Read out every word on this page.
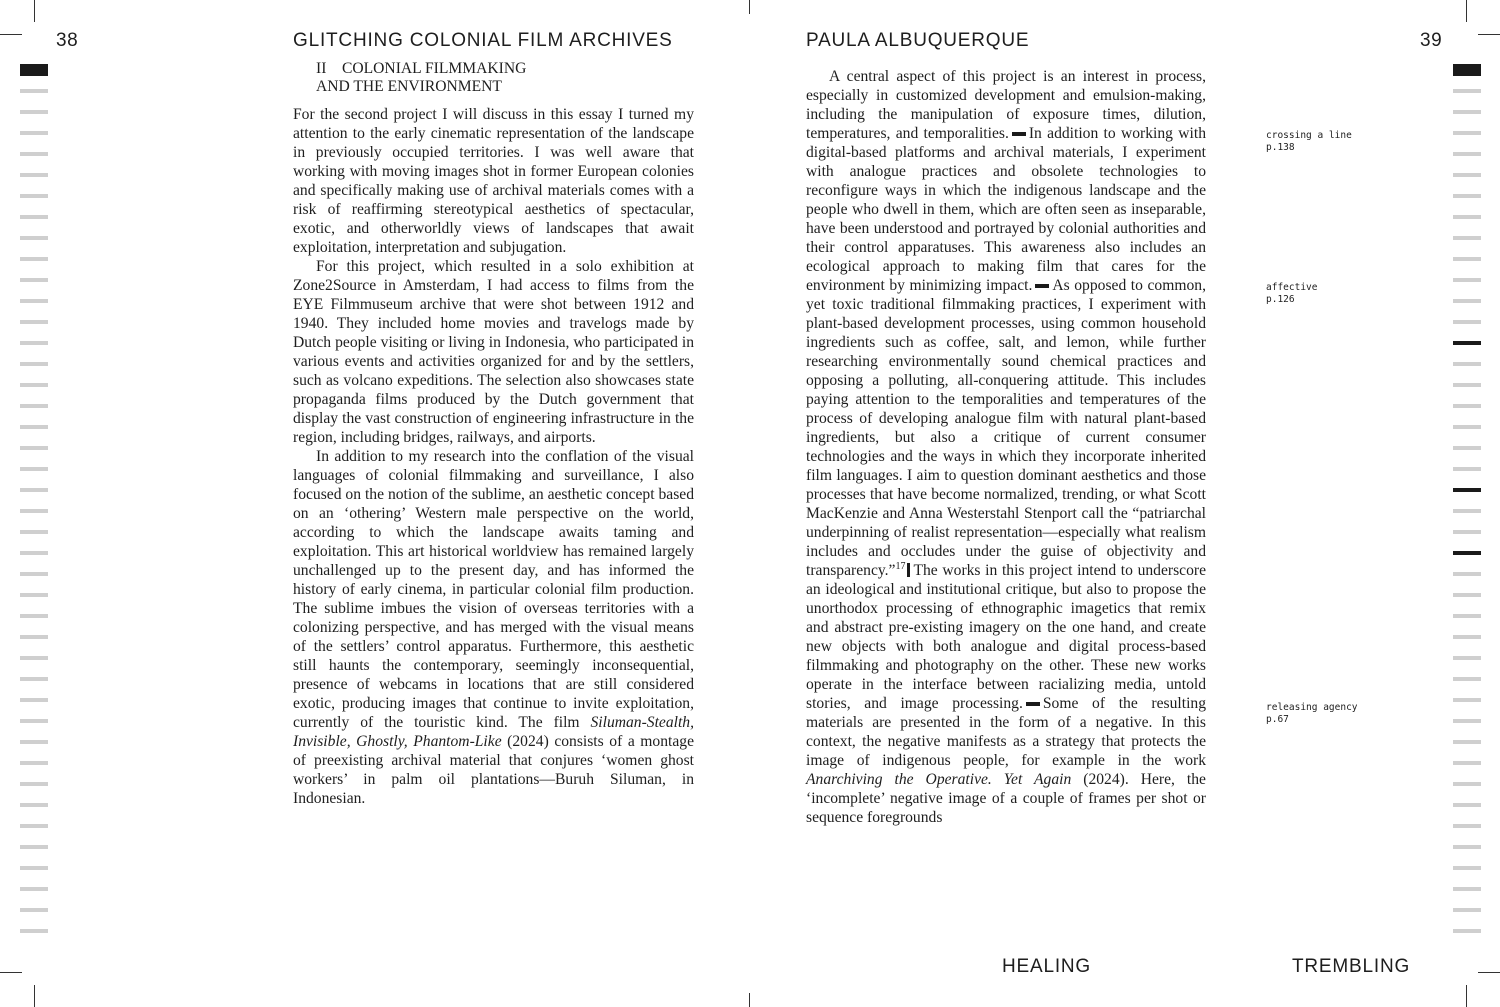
38	GLITCHING COLONIAL FILM ARCHIVES	PAULA ALBUQUERQUE	39
II COLONIAL FILMMAKING
AND THE ENVIRONMENT

For the second project I will discuss in this essay I turned my attention to the early cinematic representation of the landscape in previously occupied territories. I was well aware that working with moving images shot in former European colonies and specifically making use of archival materials comes with a risk of reaffirming stereotypical aesthetics of spectacular, exotic, and otherworldly views of landscapes that await exploitation, interpretation and subjugation.

For this project, which resulted in a solo exhibition at Zone2Source in Amsterdam, I had access to films from the EYE Filmmuseum archive that were shot between 1912 and 1940. They included home movies and travelogs made by Dutch people visiting or living in Indonesia, who participated in various events and activities organized for and by the settlers, such as volcano expeditions. The selection also showcases state propaganda films produced by the Dutch government that display the vast construction of engineering infrastructure in the region, including bridges, railways, and airports.

In addition to my research into the conflation of the visual languages of colonial filmmaking and surveillance, I also focused on the notion of the sublime, an aesthetic concept based on an ‘othering’ Western male perspective on the world, according to which the landscape awaits taming and exploitation. This art historical worldview has remained largely unchallenged up to the present day, and has informed the history of early cinema, in particular colonial film production. The sublime imbues the vision of overseas territories with a colonizing perspective, and has merged with the visual means of the settlers’ control apparatus. Furthermore, this aesthetic still haunts the contemporary, seemingly inconsequential, presence of webcams in locations that are still considered exotic, producing images that continue to invite exploitation, currently of the touristic kind. The film Siluman-Stealth, Invisible, Ghostly, Phantom-Like (2024) consists of a montage of preexisting archival material that conjures ‘women ghost workers’ in palm oil plantations—Buruh Siluman, in Indonesian.

A central aspect of this project is an interest in process, especially in customized development and emulsion-making, including the manipulation of exposure times, dilution, temperatures, and temporalities. In addition to working with digital-based platforms and archival materials, I experiment with analogue practices and obsolete technologies to reconfigure ways in which the indigenous landscape and the people who dwell in them, which are often seen as inseparable, have been understood and portrayed by colonial authorities and their control apparatuses. This awareness also includes an ecological approach to making film that cares for the environment by minimizing impact. As opposed to common, yet toxic traditional filmmaking practices, I experiment with plant-based development processes, using common household ingredients such as coffee, salt, and lemon, while further researching environmentally sound chemical practices and opposing a polluting, all-conquering attitude. This includes paying attention to the temporalities and temperatures of the process of developing analogue film with natural plant-based ingredients, but also a critique of current consumer technologies and the ways in which they incorporate inherited film languages. I aim to question dominant aesthetics and those processes that have become normalized, trending, or what Scott MacKenzie and Anna Westerstahl Stenport call the “patriarchal underpinning of realist representation—especially what realism includes and occludes under the guise of objectivity and transparency.”$^{17}$ The works in this project intend to underscore an ideological and institutional critique, but also to propose the unorthodox processing of ethnographic imagetics that remix and abstract pre-existing imagery on the one hand, and create new objects with both analogue and digital process-based filmmaking and photography on the other. These new works operate in the interface between racializing media, untold stories, and image processing. Some of the resulting materials are presented in the form of a negative. In this context, the negative manifests as a strategy that protects the image of indigenous people, for example in the work Anarchiving the Operative. Yet Again (2024). Here, the ‘incomplete’ negative image of a couple of frames per shot or sequence foregrounds

crossing a line
p.138
affective
p.126
releasing agency
p.67
HEALING	TREMBLING
